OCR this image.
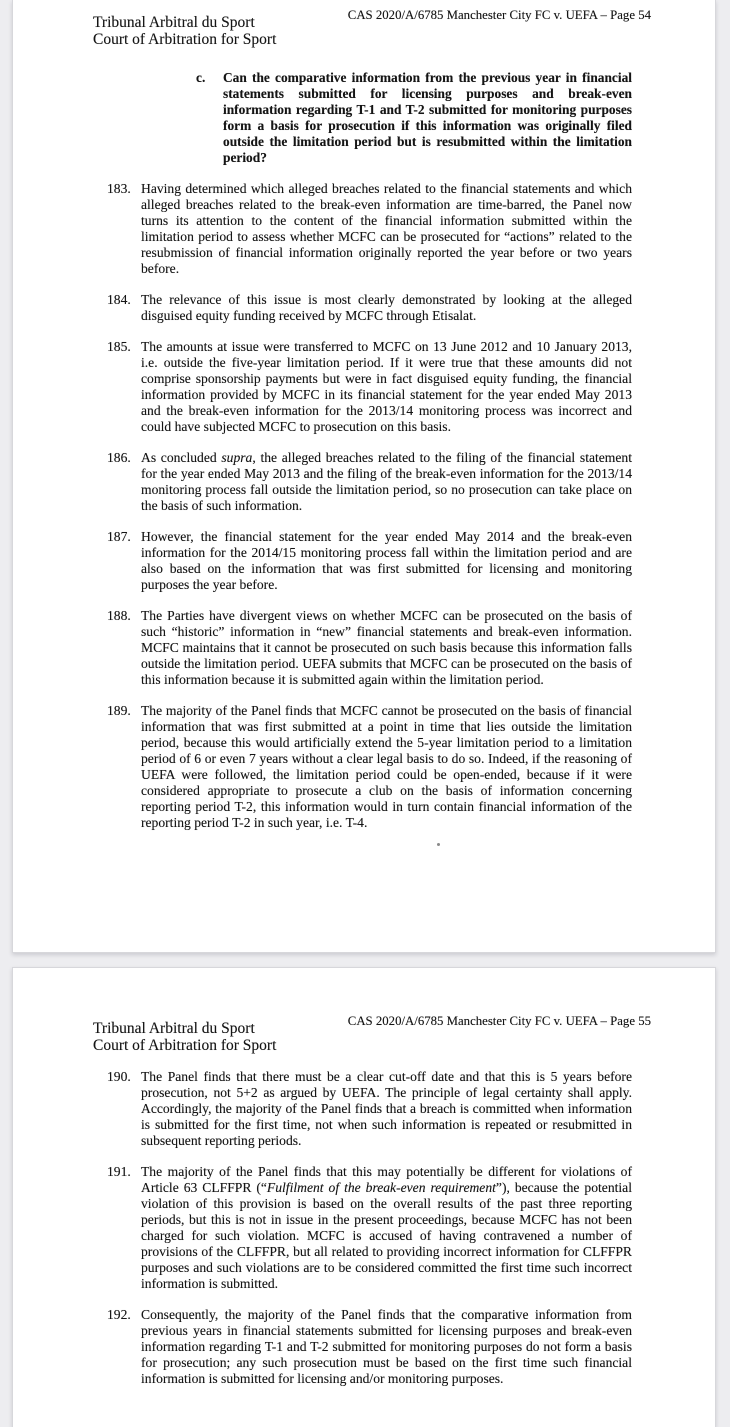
Tribunal Arbitral du Sport
Court of Arbitration for Sport
CAS 2020/A/6785 Manchester City FC v. UEFA – Page 54
c.	Can the comparative information from the previous year in financial statements submitted for licensing purposes and break-even information regarding T-1 and T-2 submitted for monitoring purposes form a basis for prosecution if this information was originally filed outside the limitation period but is resubmitted within the limitation period?
183. Having determined which alleged breaches related to the financial statements and which alleged breaches related to the break-even information are time-barred, the Panel now turns its attention to the content of the financial information submitted within the limitation period to assess whether MCFC can be prosecuted for “actions” related to the resubmission of financial information originally reported the year before or two years before.
184. The relevance of this issue is most clearly demonstrated by looking at the alleged disguised equity funding received by MCFC through Etisalat.
185. The amounts at issue were transferred to MCFC on 13 June 2012 and 10 January 2013, i.e. outside the five-year limitation period. If it were true that these amounts did not comprise sponsorship payments but were in fact disguised equity funding, the financial information provided by MCFC in its financial statement for the year ended May 2013 and the break-even information for the 2013/14 monitoring process was incorrect and could have subjected MCFC to prosecution on this basis.
186. As concluded supra, the alleged breaches related to the filing of the financial statement for the year ended May 2013 and the filing of the break-even information for the 2013/14 monitoring process fall outside the limitation period, so no prosecution can take place on the basis of such information.
187. However, the financial statement for the year ended May 2014 and the break-even information for the 2014/15 monitoring process fall within the limitation period and are also based on the information that was first submitted for licensing and monitoring purposes the year before.
188. The Parties have divergent views on whether MCFC can be prosecuted on the basis of such “historic” information in “new” financial statements and break-even information. MCFC maintains that it cannot be prosecuted on such basis because this information falls outside the limitation period. UEFA submits that MCFC can be prosecuted on the basis of this information because it is submitted again within the limitation period.
189. The majority of the Panel finds that MCFC cannot be prosecuted on the basis of financial information that was first submitted at a point in time that lies outside the limitation period, because this would artificially extend the 5-year limitation period to a limitation period of 6 or even 7 years without a clear legal basis to do so. Indeed, if the reasoning of UEFA were followed, the limitation period could be open-ended, because if it were considered appropriate to prosecute a club on the basis of information concerning reporting period T-2, this information would in turn contain financial information of the reporting period T-2 in such year, i.e. T-4.
Tribunal Arbitral du Sport
Court of Arbitration for Sport
CAS 2020/A/6785 Manchester City FC v. UEFA – Page 55
190. The Panel finds that there must be a clear cut-off date and that this is 5 years before prosecution, not 5+2 as argued by UEFA. The principle of legal certainty shall apply. Accordingly, the majority of the Panel finds that a breach is committed when information is submitted for the first time, not when such information is repeated or resubmitted in subsequent reporting periods.
191. The majority of the Panel finds that this may potentially be different for violations of Article 63 CLFFPR (“Fulfilment of the break-even requirement”), because the potential violation of this provision is based on the overall results of the past three reporting periods, but this is not in issue in the present proceedings, because MCFC has not been charged for such violation. MCFC is accused of having contravened a number of provisions of the CLFFPR, but all related to providing incorrect information for CLFFPR purposes and such violations are to be considered committed the first time such incorrect information is submitted.
192. Consequently, the majority of the Panel finds that the comparative information from previous years in financial statements submitted for licensing purposes and break-even information regarding T-1 and T-2 submitted for monitoring purposes do not form a basis for prosecution; any such prosecution must be based on the first time such financial information is submitted for licensing and/or monitoring purposes.
